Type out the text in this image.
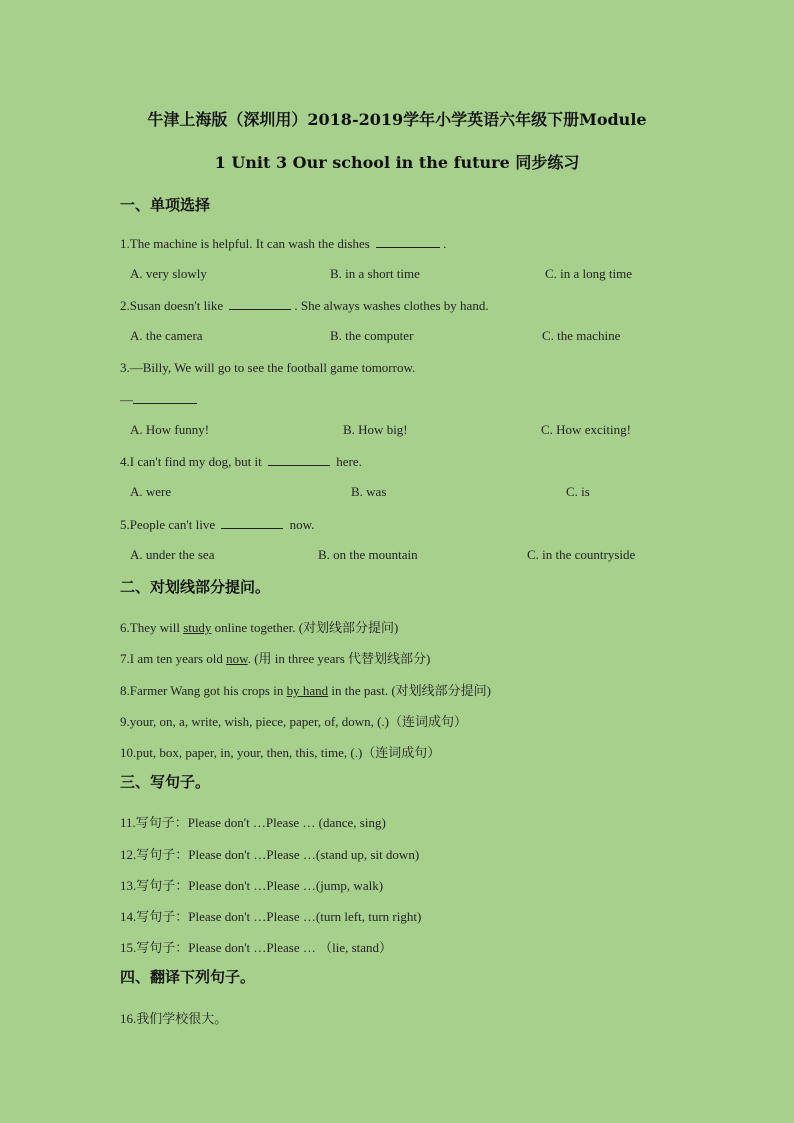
牛津上海版（深圳用）2018-2019学年小学英语六年级下册Module
1 Unit 3 Our school in the future 同步练习
一、单项选择
1.The machine is helpful. It can wash the dishes	.
A. very slowly	B. in a short time	C. in a long time
2.Susan doesn't like	. She always washes clothes by hand.
A. the camera	B. the computer	C. the machine
3.—Billy, We will go to see the football game tomorrow.
—
A. How funny!	B. How big!	C. How exciting!
4.I can't find my dog, but it	here.
A. were	B. was	C. is
5.People can't live	now.
A. under the sea	B. on the mountain	C. in the countryside
二、对划线部分提问。
6.They will study online together. (对划线部分提问)
7.I am ten years old now. (用 in three years 代替划线部分)
8.Farmer Wang got his crops in by hand in the past. (对划线部分提问)
9.your, on, a, write, wish, piece, paper, of, down, (.)（连词成句）
10.put, box, paper, in, your, then, this, time, (.)（连词成句）
三、写句子。
11.写句子：Please don't …Please … (dance, sing)
12.写句子：Please don't …Please …(stand up, sit down)
13.写句子：Please don't …Please …(jump, walk)
14.写句子：Please don't …Please …(turn left, turn right)
15.写句子：Please don't …Please … （lie, stand）
四、翻译下列句子。
16.我们学校很大。
